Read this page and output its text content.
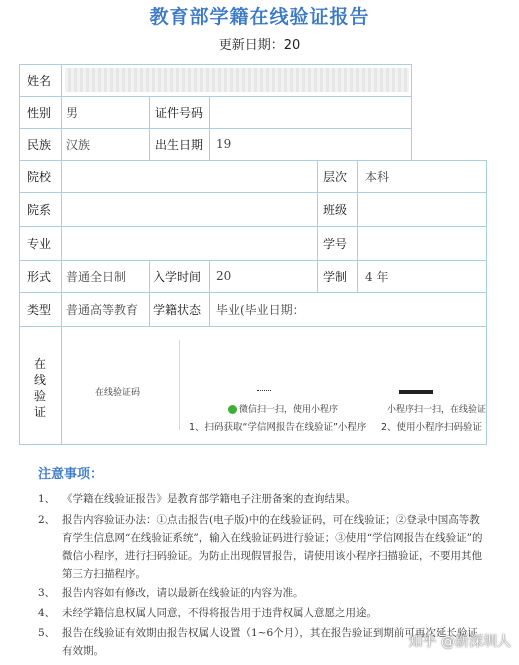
教育部学籍在线验证报告
更新日期：20
姓名
性别 男	证件号码
民族 汉族	出生日期 19
院校	层次 本科
院系	班级
专业	学号
形式 普通全日制 入学时间 20	学制 4 年
类型 普通高等教育 学籍状态 毕业(毕业日期：
在
线
验
证
在线验证码
微信扫一扫，使用小程序	小程序扫一扫，在线验证
1、扫码获取“学信网报告在线验证”小程序 2、使用小程序扫码验证
注意事项：
1、 《学籍在线验证报告》是教育部学籍电子注册备案的查询结果。
2、 报告内容验证办法：①点击报告(电子版)中的在线验证码，可在线验证；②登录中国高等教育学生信息网“在线验证系统”，输入在线验证码进行验证；③使用“学信网报告在线验证”的微信小程序，进行扫码验证。为防止出现假冒报告，请使用该小程序扫描验证，不要用其他第三方扫描程序。
3、 报告内容如有修改，请以最新在线验证的内容为准。
4、 未经学籍信息权属人同意，不得将报告用于违背权属人意愿之用途。
5、 报告在线验证有效期由报告权属人设置（1~6个月），其在报告验证到期前可再次延长验证有效期。
知乎 @新深圳人
